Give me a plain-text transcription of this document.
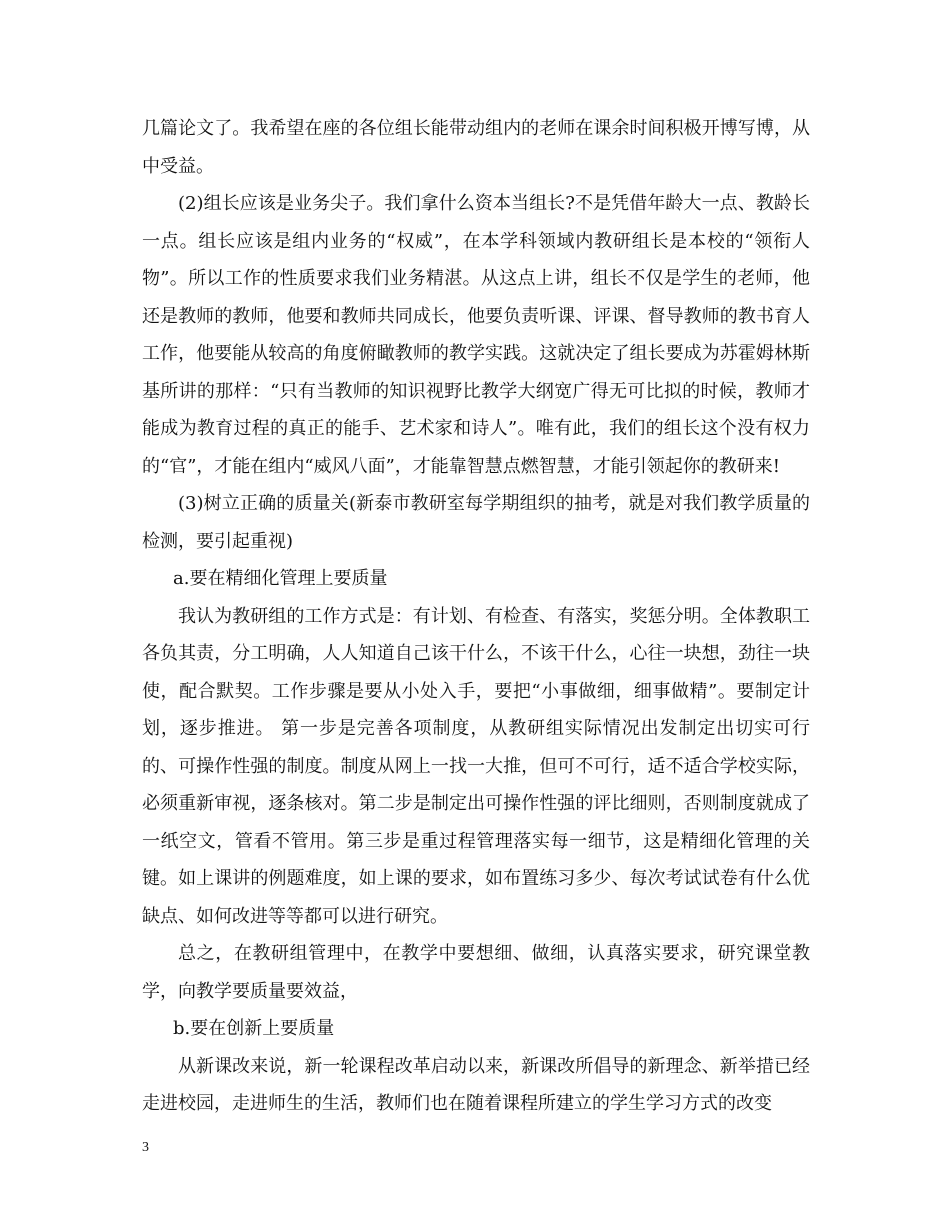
几篇论文了。我希望在座的各位组长能带动组内的老师在课余时间积极开博写博，从中受益。

(2)组长应该是业务尖子。我们拿什么资本当组长?不是凭借年龄大一点、教龄长一点。组长应该是组内业务的“权威”，在本学科领域内教研组长是本校的“领衔人物”。所以工作的性质要求我们业务精湛。从这点上讲，组长不仅是学生的老师，他还是教师的教师，他要和教师共同成长，他要负责听课、评课、督导教师的教书育人工作，他要能从较高的角度俯瞰教师的教学实践。这就决定了组长要成为苏霍姆林斯基所讲的那样：“只有当教师的知识视野比教学大纲宽广得无可比拟的时候，教师才能成为教育过程的真正的能手、艺术家和诗人”。唯有此，我们的组长这个没有权力的“官”，才能在组内“威风八面”，才能靠智慧点燃智慧，才能引领起你的教研来!

(3)树立正确的质量关(新泰市教研室每学期组织的抽考，就是对我们教学质量的检测，要引起重视)

a.要在精细化管理上要质量

我认为教研组的工作方式是：有计划、有检查、有落实，奖惩分明。全体教职工各负其责，分工明确，人人知道自己该干什么，不该干什么，心往一块想，劲往一块使，配合默契。工作步骤是要从小处入手，要把“小事做细，细事做精”。要制定计划，逐步推进。 第一步是完善各项制度，从教研组实际情况出发制定出切实可行的、可操作性强的制度。制度从网上一找一大推，但可不可行，适不适合学校实际，必须重新审视，逐条核对。第二步是制定出可操作性强的评比细则，否则制度就成了一纸空文，管看不管用。第三步是重过程管理落实每一细节，这是精细化管理的关键。如上课讲的例题难度，如上课的要求，如布置练习多少、每次考试试卷有什么优缺点、如何改进等等都可以进行研究。

总之，在教研组管理中，在教学中要想细、做细，认真落实要求，研究课堂教学，向教学要质量要效益，

b.要在创新上要质量

从新课改来说，新一轮课程改革启动以来，新课改所倡导的新理念、新举措已经走进校园，走进师生的生活，教师们也在随着课程所建立的学生学习方式的改变

3
